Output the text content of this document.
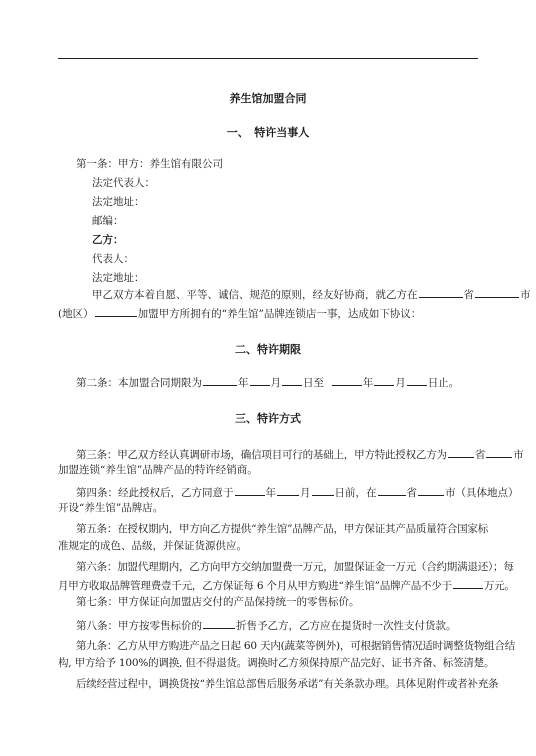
养生馆加盟合同
一、　特许当事人
第一条：甲方：养生馆有限公司
法定代表人：
法定地址：
邮编：
乙方：
代表人：
法定地址：
甲乙双方本着自愿、平等、诚信、规范的原则，经友好协商，就乙方在	省	市
(地区）	加盟甲方所拥有的“养生馆”品牌连锁店一事，达成如下协议：
二、特许期限
第二条：本加盟合同期限为	年 月 日至	年 月 日止。
三、特许方式
第三条：甲乙双方经认真调研市场，确信项目可行的基础上，甲方特此授权乙方为	省	市
加盟连锁“养生馆”品牌产品的特许经销商。
第四条：经此授权后，乙方同意于	年 月 日前，在	省	市（具体地点）
开设“养生馆”品牌店。
第五条：在授权期内，甲方向乙方提供“养生馆”品牌产品，甲方保证其产品质量符合国家标
准规定的成色、品级，并保证货源供应。
第六条：加盟代理期内，乙方向甲方交纳加盟费一万元，加盟保证金一万元（合约期满退还）；每
月甲方收取品牌管理费壹千元，乙方保证每 6 个月从甲方购进“养生馆”品牌产品不少于	万元。
第七条：甲方保证向加盟店交付的产品保持统一的零售标价。
第八条：甲方按零售标价的	折售予乙方，乙方应在提货时一次性支付货款。
第九条：乙方从甲方购进产品之日起 60 天内(蔬菜等例外)，可根据销售情况适时调整货物组合结
构, 甲方给予 100%的调换, 但不得退货。调换时乙方须保持原产品完好、证书齐备、标签清楚。
后续经营过程中，调换货按“养生馆总部售后服务承诺”有关条款办理。具体见附件或者补充条
